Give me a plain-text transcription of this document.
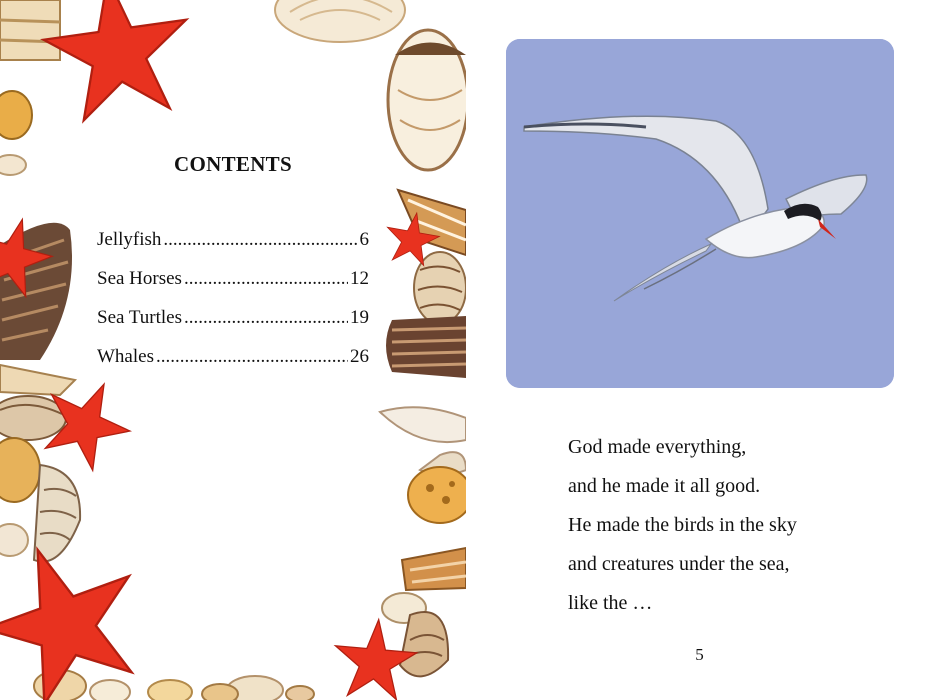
CONTENTS
Jellyfish .....	6
Sea Horses .....	12
Sea Turtles .....	19
Whales .....	26
God made everything,
and he made it all good.
He made the birds in the sky
and creatures under the sea,
like the …
5
